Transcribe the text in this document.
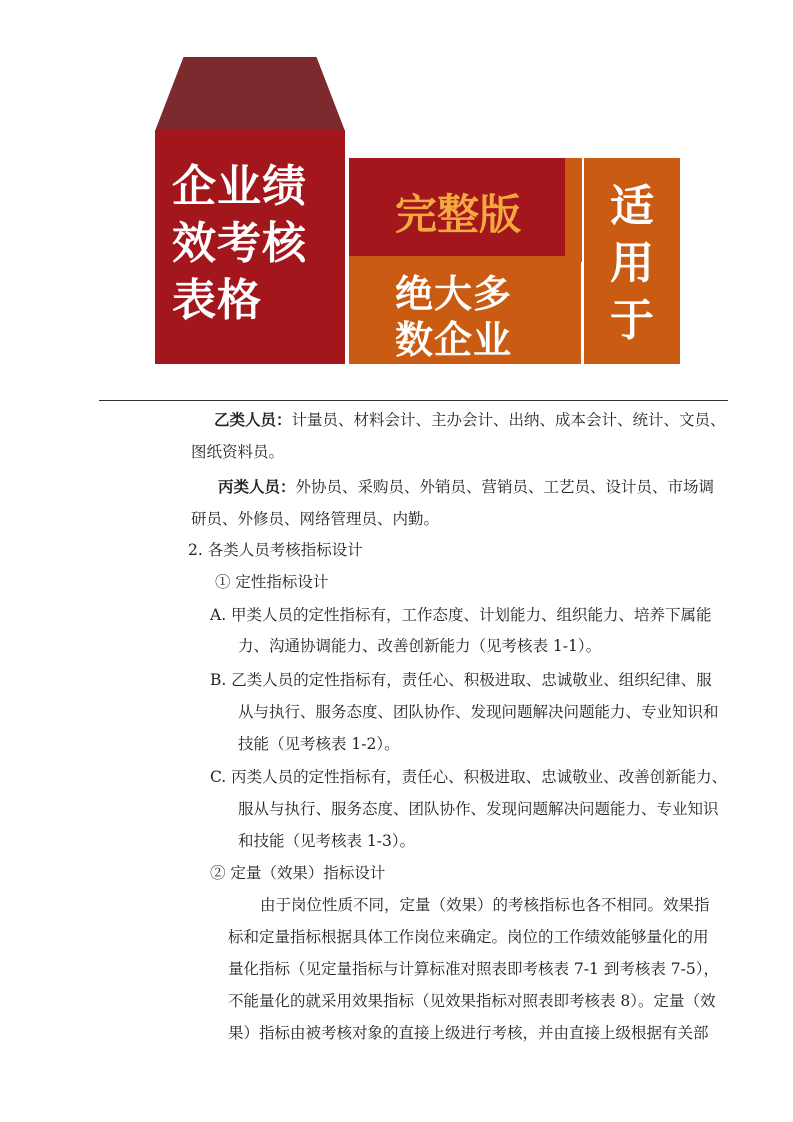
企业绩
效考核
表格
完整版
绝大多
数企业
适
用
于
乙类人员：计量员、材料会计、主办会计、出纳、成本会计、统计、文员、
图纸资料员。
丙类人员：外协员、采购员、外销员、营销员、工艺员、设计员、市场调
研员、外修员、网络管理员、内勤。
2. 各类人员考核指标设计
① 定性指标设计
A. 甲类人员的定性指标有，工作态度、计划能力、组织能力、培养下属能
力、沟通协调能力、改善创新能力（见考核表 1-1）。
B. 乙类人员的定性指标有，责任心、积极进取、忠诚敬业、组织纪律、服
从与执行、服务态度、团队协作、发现问题解决问题能力、专业知识和
技能（见考核表 1-2）。
C. 丙类人员的定性指标有，责任心、积极进取、忠诚敬业、改善创新能力、
服从与执行、服务态度、团队协作、发现问题解决问题能力、专业知识
和技能（见考核表 1-3）。
② 定量（效果）指标设计
由于岗位性质不同，定量（效果）的考核指标也各不相同。效果指
标和定量指标根据具体工作岗位来确定。岗位的工作绩效能够量化的用
量化指标（见定量指标与计算标准对照表即考核表 7-1 到考核表 7-5），
不能量化的就采用效果指标（见效果指标对照表即考核表 8）。定量（效
果）指标由被考核对象的直接上级进行考核，并由直接上级根据有关部
